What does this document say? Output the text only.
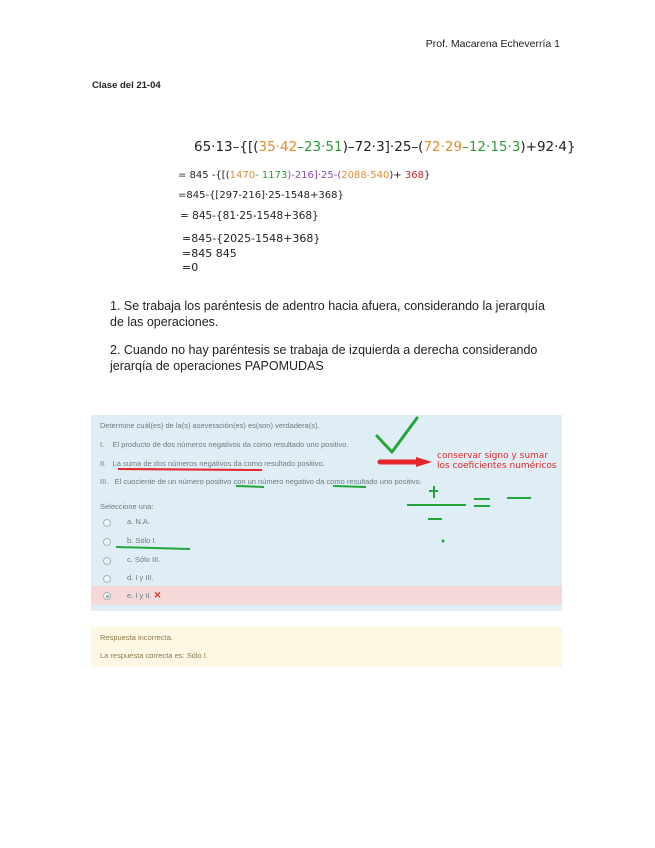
Prof. Macarena Echeverría 1
Clase del 21-04
65·13–{[(35·42–23·51)–72·3]·25–(72·29–12·15·3)+92·4}
= 845 -{[(1470- 1173)-216]·25-(2088-540)+ 368}
=845-{[297-216]·25-1548+368}
= 845-{81·25-1548+368}
=845-{2025-1548+368}
=845 845
=0
1. Se trabaja los paréntesis de adentro hacia afuera, considerando la jerarquía de las operaciones.
2. Cuando no hay paréntesis se trabaja de izquierda a derecha considerando jerarqía de operaciones PAPOMUDAS
Determine cuál(es) de la(s) aseveración(es) es(son) verdadera(s).
I. El producto de dos números negativos da como resultado uno positivo.
II. La suma de dos números negativos da como resultado positivo.
III. El cuociente de un número positivo con un número negativo da como resultado uno positivo.
Seleccione una:
a. N.A.
b. Sólo I.
c. Sólo III.
d. I y III.
e. I y II. ✕
Respuesta incorrecta.
La respuesta correcta es: Sólo I.
conservar signo y sumar
los coeficientes numéricos
